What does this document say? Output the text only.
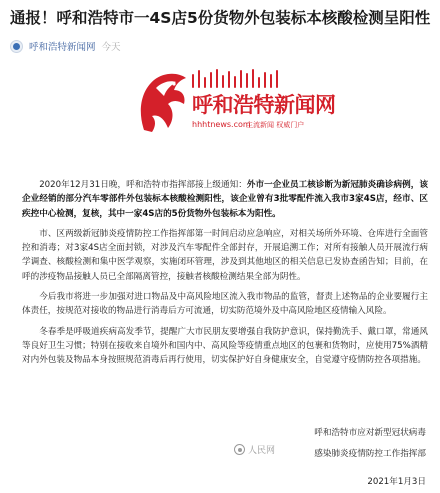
通报！呼和浩特市一4S店5份货物外包装标本核酸检测呈阳性
呼和浩特新闻网 今天
呼和浩特新闻网
hhhtnews.com
主流新闻 权威门户

2020年12月31日晚，呼和浩特市指挥部接上级通知：外市一企业员工核诊断为新冠肺炎确诊病例，该企业经销的部分汽车零部件外包装标本核酸检测阳性，该企业曾有3批零配件流入我市3家4S店，经市、区疾控中心检测，复核，其中一家4S店的5份货物外包装标本为阳性。

市、区两级新冠肺炎疫情防控工作指挥部第一时间启动应急响应，对相关场所外环境、仓库进行全面管控和消毒；对3家4S店全面封锁，对涉及汽车零配件全部封存，开展追溯工作；对所有接触人员开展流行病学调查、核酸检测和集中医学观察，实施闭环管理，涉及到其他地区的相关信息已发协查函告知；目前，在呼的涉疫物品接触人员已全部隔离管控，接触者核酸检测结果全部为阴性。

今后我市将进一步加强对进口物品及中高风险地区流入我市物品的监管，督责上述物品的企业要履行主体责任，按规范对接收的物品进行消毒后方可流通，切实防范境外及中高风险地区疫情输入风险。

冬春季是呼吸道疾病高发季节，提醒广大市民朋友要增强自我防护意识，保持勤洗手、戴口罩，常通风等良好卫生习惯；特别在接收来自境外和国内中、高风险等疫情重点地区的包裹和货物时，应使用75%酒精对内外包装及物品本身按照规范消毒后再行使用，切实保护好自身健康安全，自觉遵守疫情防控各项措施。

呼和浩特市应对新型冠状病毒
感染肺炎疫情防控工作指挥部
人民网
2021年1月3日
